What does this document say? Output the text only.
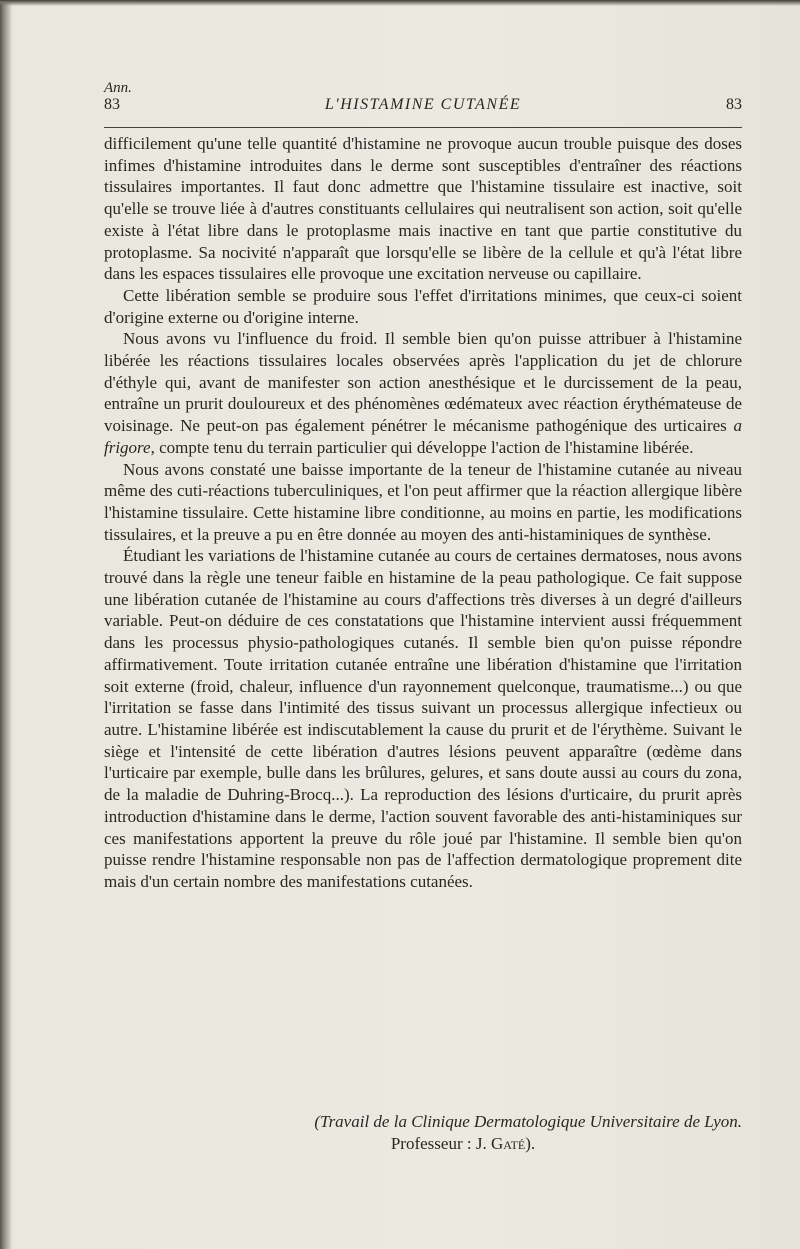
Ann.
83	L'HISTAMINE CUTANÉE	83

difficilement qu'une telle quantité d'histamine ne provoque aucun trouble puisque des doses infimes d'histamine introduites dans le derme sont susceptibles d'entraîner des réactions tissulaires importantes. Il faut donc admettre que l'histamine tissulaire est inactive, soit qu'elle se trouve liée à d'autres constituants cellulaires qui neutralisent son action, soit qu'elle existe à l'état libre dans le protoplasme mais inactive en tant que partie constitutive du protoplasme. Sa nocivité n'apparaît que lorsqu'elle se libère de la cellule et qu'à l'état libre dans les espaces tissulaires elle provoque une excitation nerveuse ou capillaire.

Cette libération semble se produire sous l'effet d'irritations minimes, que ceux-ci soient d'origine externe ou d'origine interne.

Nous avons vu l'influence du froid. Il semble bien qu'on puisse attribuer à l'histamine libérée les réactions tissulaires locales observées après l'application du jet de chlorure d'éthyle qui, avant de manifester son action anesthésique et le durcissement de la peau, entraîne un prurit douloureux et des phénomènes œdémateux avec réaction érythémateuse de voisinage. Ne peut-on pas également pénétrer le mécanisme pathogénique des urticaires a frigore, compte tenu du terrain particulier qui développe l'action de l'histamine libérée.

Nous avons constaté une baisse importante de la teneur de l'histamine cutanée au niveau même des cuti-réactions tuberculiniques, et l'on peut affirmer que la réaction allergique libère l'histamine tissulaire. Cette histamine libre conditionne, au moins en partie, les modifications tissulaires, et la preuve a pu en être donnée au moyen des anti-histaminiques de synthèse.

Étudiant les variations de l'histamine cutanée au cours de certaines dermatoses, nous avons trouvé dans la règle une teneur faible en histamine de la peau pathologique. Ce fait suppose une libération cutanée de l'histamine au cours d'affections très diverses à un degré d'ailleurs variable. Peut-on déduire de ces constatations que l'histamine intervient aussi fréquemment dans les processus physio-pathologiques cutanés. Il semble bien qu'on puisse répondre affirmativement. Toute irritation cutanée entraîne une libération d'histamine que l'irritation soit externe (froid, chaleur, influence d'un rayonnement quelconque, traumatisme...) ou que l'irritation se fasse dans l'intimité des tissus suivant un processus allergique infectieux ou autre. L'histamine libérée est indiscutablement la cause du prurit et de l'érythème. Suivant le siège et l'intensité de cette libération d'autres lésions peuvent apparaître (œdème dans l'urticaire par exemple, bulle dans les brûlures, gelures, et sans doute aussi au cours du zona, de la maladie de Duhring-Brocq...). La reproduction des lésions d'urticaire, du prurit après introduction d'histamine dans le derme, l'action souvent favorable des anti-histaminiques sur ces manifestations apportent la preuve du rôle joué par l'histamine. Il semble bien qu'on puisse rendre l'histamine responsable non pas de l'affection dermatologique proprement dite mais d'un certain nombre des manifestations cutanées.

(Travail de la Clinique Dermatologique Universitaire de Lyon.
Professeur : J. Gaté).
